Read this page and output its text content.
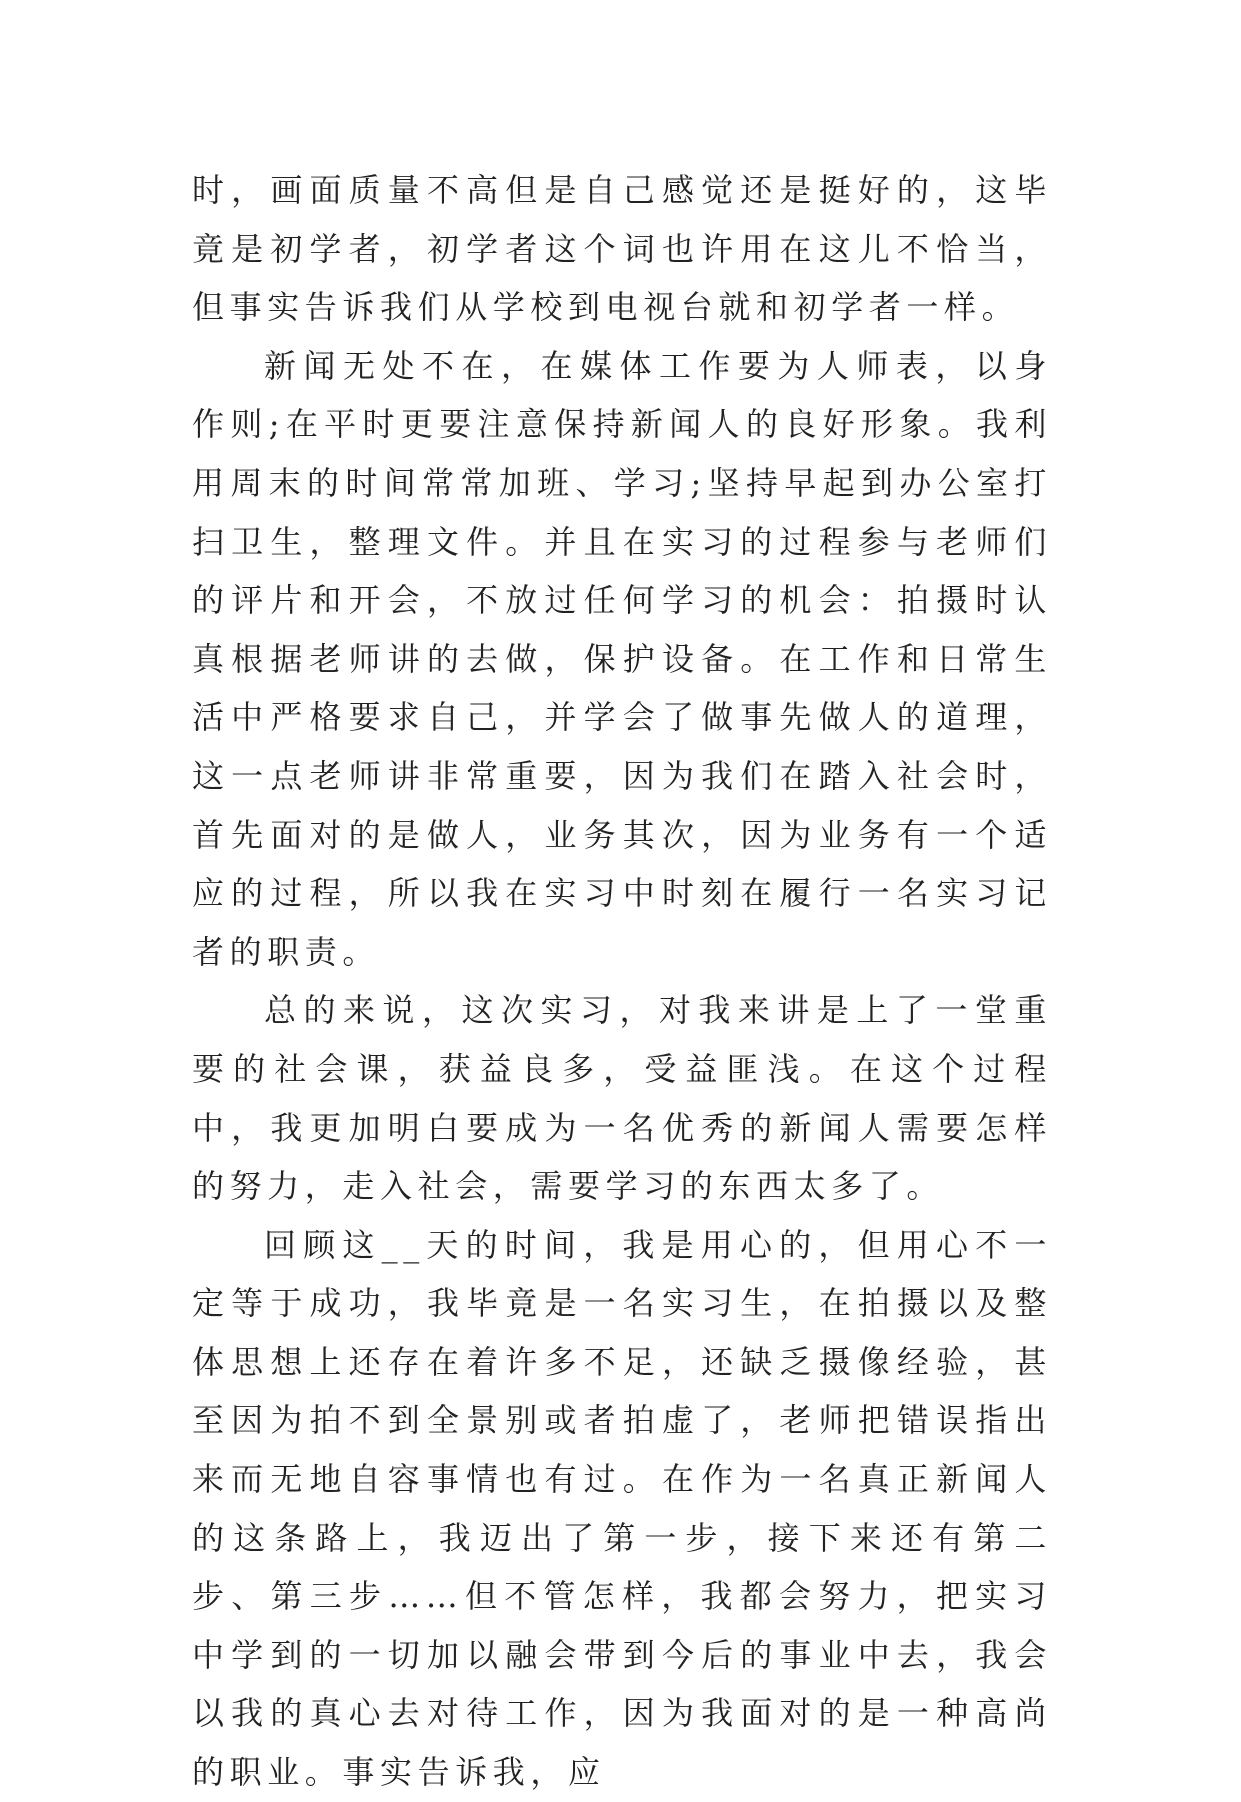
时，画面质量不高但是自己感觉还是挺好的，这毕竟是初学者，初学者这个词也许用在这儿不恰当，但事实告诉我们从学校到电视台就和初学者一样。

新闻无处不在，在媒体工作要为人师表，以身作则;在平时更要注意保持新闻人的良好形象。我利用周末的时间常常加班、学习;坚持早起到办公室打扫卫生，整理文件。并且在实习的过程参与老师们的评片和开会，不放过任何学习的机会：拍摄时认真根据老师讲的去做，保护设备。在工作和日常生活中严格要求自己，并学会了做事先做人的道理，这一点老师讲非常重要，因为我们在踏入社会时，首先面对的是做人，业务其次，因为业务有一个适应的过程，所以我在实习中时刻在履行一名实习记者的职责。

总的来说，这次实习，对我来讲是上了一堂重要的社会课，获益良多，受益匪浅。在这个过程中，我更加明白要成为一名优秀的新闻人需要怎样的努力，走入社会，需要学习的东西太多了。

回顾这__天的时间，我是用心的，但用心不一定等于成功，我毕竟是一名实习生，在拍摄以及整体思想上还存在着许多不足，还缺乏摄像经验，甚至因为拍不到全景别或者拍虚了，老师把错误指出来而无地自容事情也有过。在作为一名真正新闻人的这条路上，我迈出了第一步，接下来还有第二步、第三步……但不管怎样，我都会努力，把实习中学到的一切加以融会带到今后的事业中去，我会以我的真心去对待工作，因为我面对的是一种高尚的职业。事实告诉我，应
